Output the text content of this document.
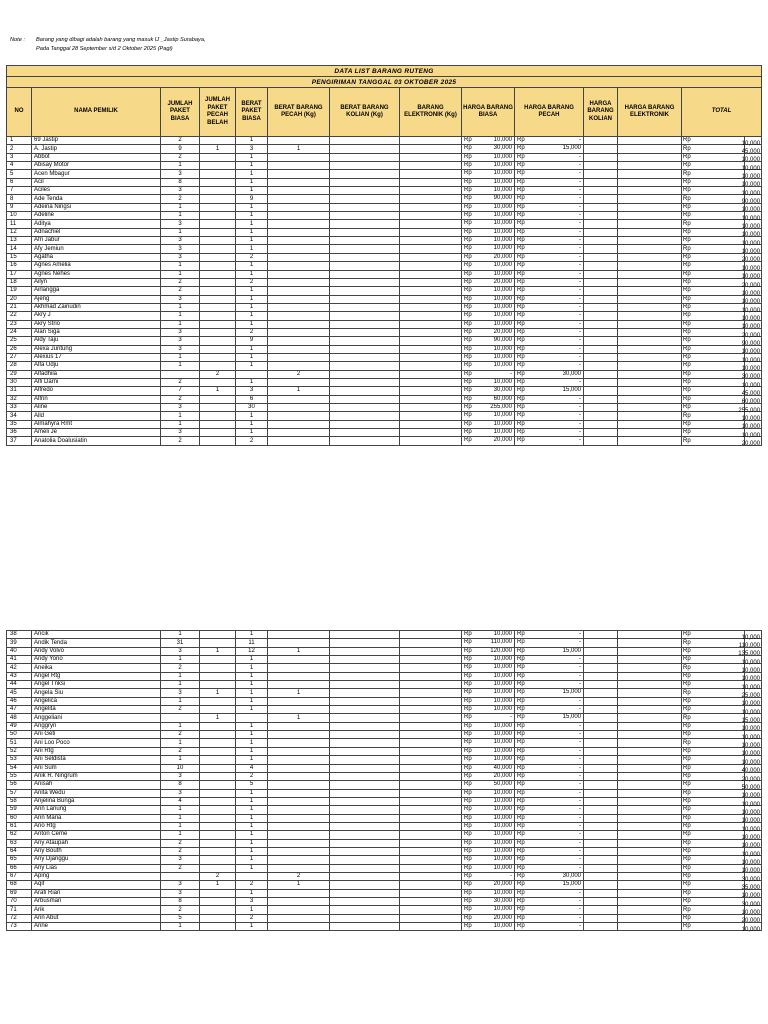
Note :	Barang yang dibagi adalah barang yang masuk IJ _Jastip Surabaya,
Pada Tanggal 28 September s/d 2 Oktober 2025 (Pagi)
DATA LIST BARANG RUTENG													
PENGIRIMAN TANGGAL 03 OKTOBER 2025													
NO	NAMA PEMILIK	JUMLAH PAKET BIASA	JUMLAH PAKET PECAH BELAH	BERAT PAKET BIASA	BERAT BARANG PECAH (Kg)	BERAT BARANG KOLIAN (Kg)	BARANG ELEKTRONIK (Kg)	HARGA BARANG BIASA	HARGA BARANG PECAH	HARGA BARANG KOLIAN	HARGA BARANG ELEKTRONIK	TOTAL	
1	69 Jastip	2		1				Rp 10,000	Rp -			Rp	10,000

2	A. Jastip	9	1	3	1			Rp 30,000	Rp 15,000			Rp	45,000

3	Abbot	2		1				Rp 10,000	Rp -			Rp	10,000

4	Abisay Motor	1		1				Rp 10,000	Rp -			Rp	10,000

5	Acen Mbagur	3		1				Rp 10,000	Rp -			Rp	10,000

6	Acil	8		1				Rp 10,000	Rp -			Rp	10,000

7	Aciles	3		1				Rp 10,000	Rp -			Rp	10,000

8	Ade Tenda	2		9				Rp 90,000	Rp -			Rp	90,000

9	Adeina Ningsi	1		1				Rp 10,000	Rp -			Rp	10,000

10	Adeline	1		1				Rp 10,000	Rp -			Rp	10,000

11	Aditya	3		1				Rp 10,000	Rp -			Rp	10,000

12	Adnachiel	1		1				Rp 10,000	Rp -			Rp	10,000

13	Afri Jabur	3		1				Rp 10,000	Rp -			Rp	10,000

14	Afy Jemiun	3		1				Rp 10,000	Rp -			Rp	10,000

15	Agatha	3		2				Rp 20,000	Rp -			Rp	20,000

16	Agnes Amelia	1		1				Rp 10,000	Rp -			Rp	10,000

17	Agnes Nehes	1		1				Rp 10,000	Rp -			Rp	10,000

18	Ailyn	2		2				Rp 20,000	Rp -			Rp	20,000

19	Airlangga	2		1				Rp 10,000	Rp -			Rp	10,000

20	Ajeng	3		1				Rp 10,000	Rp -			Rp	10,000

21	Akhmad Zainudin	1		1				Rp 10,000	Rp -			Rp	10,000

22	Akry J	1		1				Rp 10,000	Rp -			Rp	10,000

23	Akry Strio	1		1				Rp 10,000	Rp -			Rp	10,000

24	Alan Siga	3		2				Rp 20,000	Rp -			Rp	20,000

25	Aldy Taju	3		9				Rp 90,000	Rp -			Rp	90,000

26	Alexa Juntung	3		1				Rp 10,000	Rp -			Rp	10,000

27	Alexius 17	1		1				Rp 10,000	Rp -			Rp	10,000

28	Alfa Udju	1		1				Rp 10,000	Rp -			Rp	10,000

29	Alfadhila		2		2			Rp -	Rp 30,000			Rp	30,000

30	Alfi Darni	2		1				Rp 10,000	Rp -			Rp	10,000

31	Alfredo	7	1	3	1			Rp 30,000	Rp 15,000			Rp	45,000

32	Alfrin	2		6				Rp 60,000	Rp -			Rp	60,000

33	Aline	3		30				Rp 255,000	Rp -			Rp	255,000

34	Alld	1		1				Rp 10,000	Rp -			Rp	10,000

35	Almahyra Rmt	1		1				Rp 10,000	Rp -			Rp	10,000

36	Ameli Je	3		1				Rp 10,000	Rp -			Rp	10,000

37	Anatolia Doalusiatin	2		2				Rp 20,000	Rp -			Rp	20,000
38	Ancik	1		1				Rp 10,000	Rp -			Rp	10,000

39	Andik Tenda	31		11				Rp 110,000	Rp -			Rp	110,000

40	Andy Volvo	3	1	12	1			Rp 120,000	Rp 15,000			Rp	135,000

41	Andy Yono	1		1				Rp 10,000	Rp -			Rp	10,000

42	Aneika	2		1				Rp 10,000	Rp -			Rp	10,000

43	Angel Rtg	1		1				Rp 10,000	Rp -			Rp	10,000

44	Angel Tnksi	1		1				Rp 10,000	Rp -			Rp	10,000

45	Angela Siu	3	1	1	1			Rp 10,000	Rp 15,000			Rp	25,000

46	Angelica	1		1				Rp 10,000	Rp -			Rp	10,000

47	Angelita	2		1				Rp 10,000	Rp -			Rp	10,000

48	Anggeliani		1		1			Rp -	Rp 15,000			Rp	15,000

49	Anggryn	1		1				Rp 10,000	Rp -			Rp	10,000

50	Ani Geti	2		1				Rp 10,000	Rp -			Rp	10,000

51	Ani Loo Poco	1		1				Rp 10,000	Rp -			Rp	10,000

52	Ani Rtg	2		1				Rp 10,000	Rp -			Rp	10,000

53	Ani Seldista	1		1				Rp 10,000	Rp -			Rp	10,000

54	Ani Sum	10		4				Rp 40,000	Rp -			Rp	40,000

55	Anik R. Ningrum	3		2				Rp 20,000	Rp -			Rp	20,000

56	Anisah	8		5				Rp 50,000	Rp -			Rp	50,000

57	Anita Wedu	3		1				Rp 10,000	Rp -			Rp	10,000

58	Anjelina Bunga	4		1				Rp 10,000	Rp -			Rp	10,000

59	Ann Lanung	1		1				Rp 10,000	Rp -			Rp	10,000

60	Ann Maria	1		1				Rp 10,000	Rp -			Rp	10,000

61	Ano Rtg	1		1				Rp 10,000	Rp -			Rp	10,000

62	Anton Ceme	1		1				Rp 10,000	Rp -			Rp	10,000

63	Any Ataupah	2		1				Rp 10,000	Rp -			Rp	10,000

64	Any Bouth	2		1				Rp 10,000	Rp -			Rp	10,000

65	Any Djanggu	3		1				Rp 10,000	Rp -			Rp	10,000

66	Any Lias	2		1				Rp 10,000	Rp -			Rp	10,000

67	Aping		2		2			Rp -	Rp 30,000			Rp	30,000

68	Aqif	3	1	2	1			Rp 20,000	Rp 15,000			Rp	35,000

69	Arafi Rian	3		1				Rp 10,000	Rp -			Rp	10,000

70	Arbusman	8		3				Rp 30,000	Rp -			Rp	30,000

71	Arik	2		1				Rp 10,000	Rp -			Rp	10,000

72	Arin Abut	5		2				Rp 20,000	Rp -			Rp	20,000

73	Arine	1		1				Rp 10,000	Rp -			Rp	10,000
